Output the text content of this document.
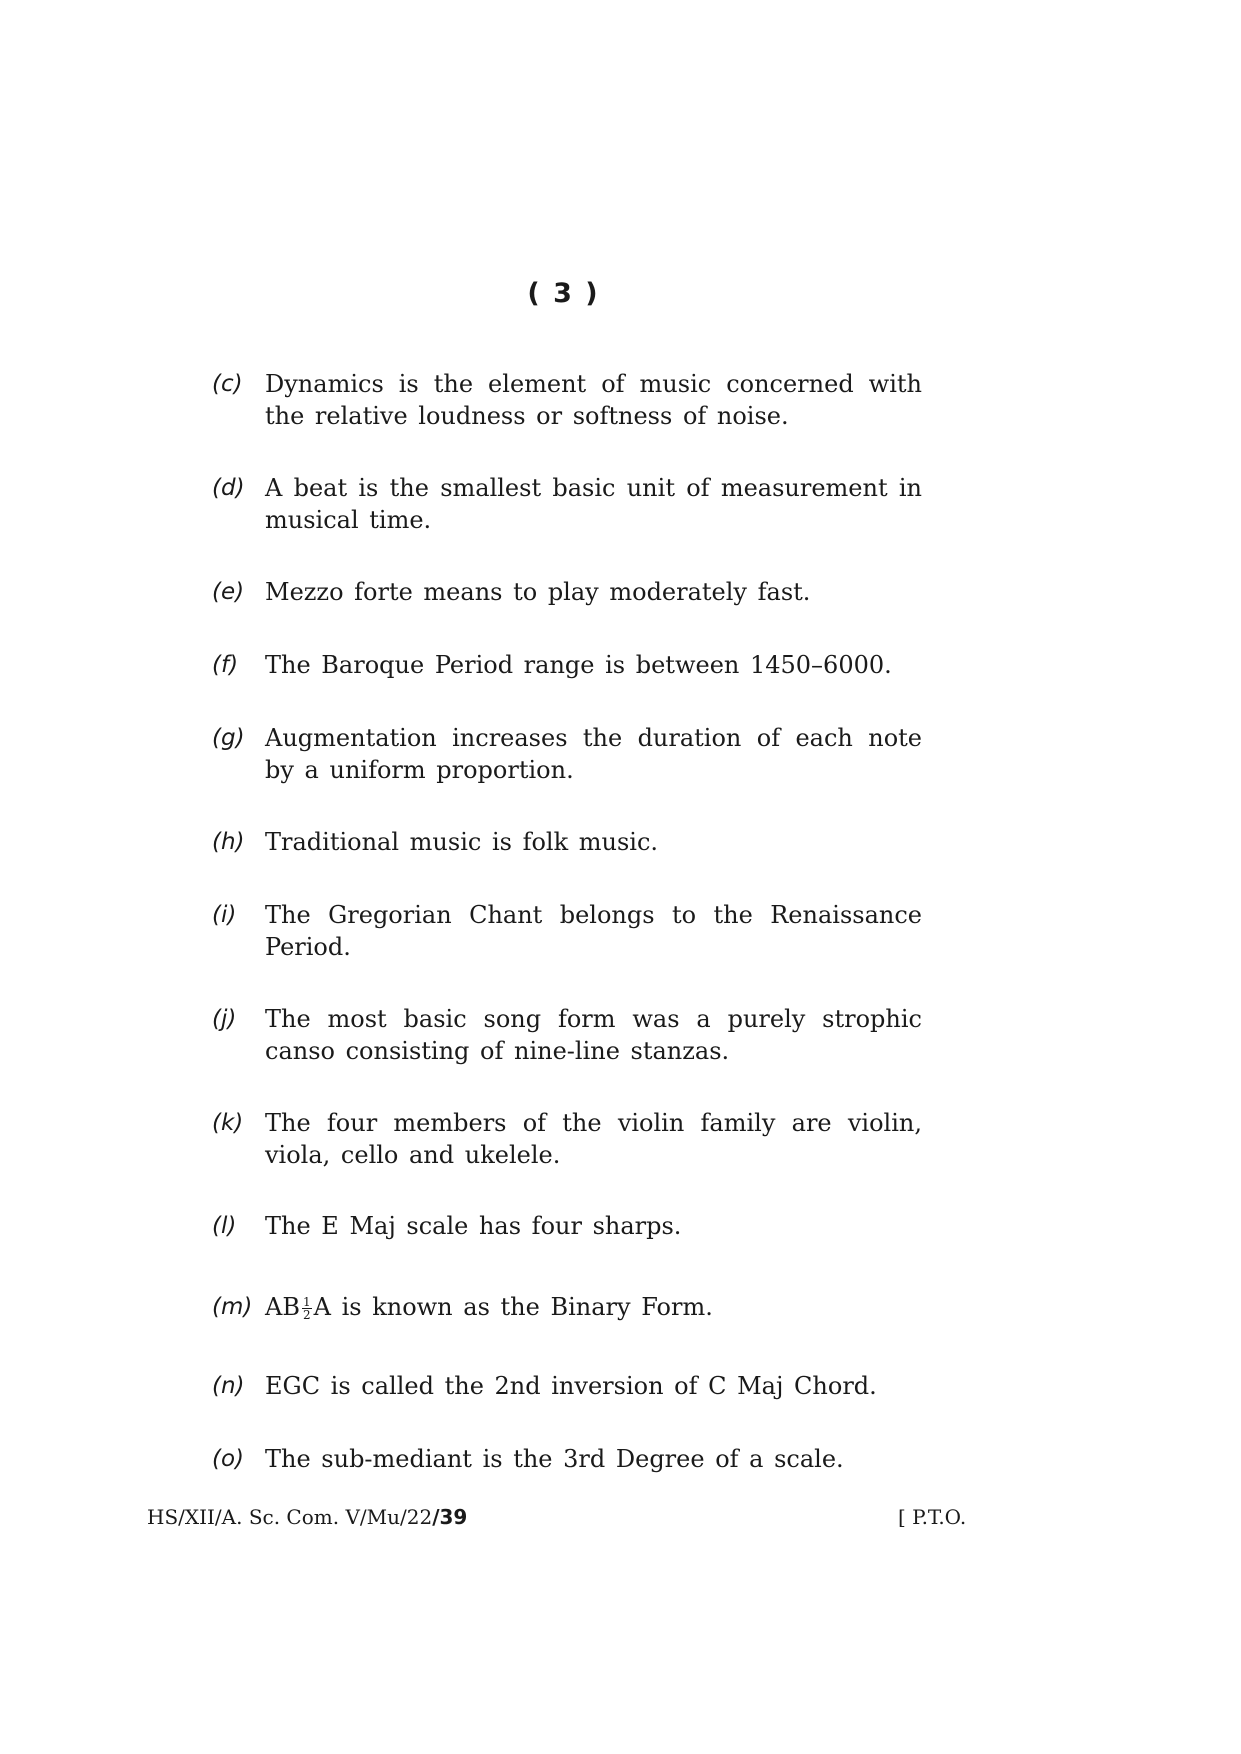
( 3 )
(c) Dynamics is the element of music concerned with the relative loudness or softness of noise.
(d) A beat is the smallest basic unit of measurement in musical time.
(e) Mezzo forte means to play moderately fast.
(f) The Baroque Period range is between 1450–6000.
(g) Augmentation increases the duration of each note by a uniform proportion.
(h) Traditional music is folk music.
(i) The Gregorian Chant belongs to the Renaissance Period.
(j) The most basic song form was a purely strophic canso consisting of nine-line stanzas.
(k) The four members of the violin family are violin, viola, cello and ukelele.
(l) The E Maj scale has four sharps.
(m) AB $\frac{1}{2}$ A is known as the Binary Form.
(n) EGC is called the 2nd inversion of C Maj Chord.
(o) The sub-mediant is the 3rd Degree of a scale.
HS/XII/A. Sc. Com. V/Mu/22/39	[ P.T.O.
